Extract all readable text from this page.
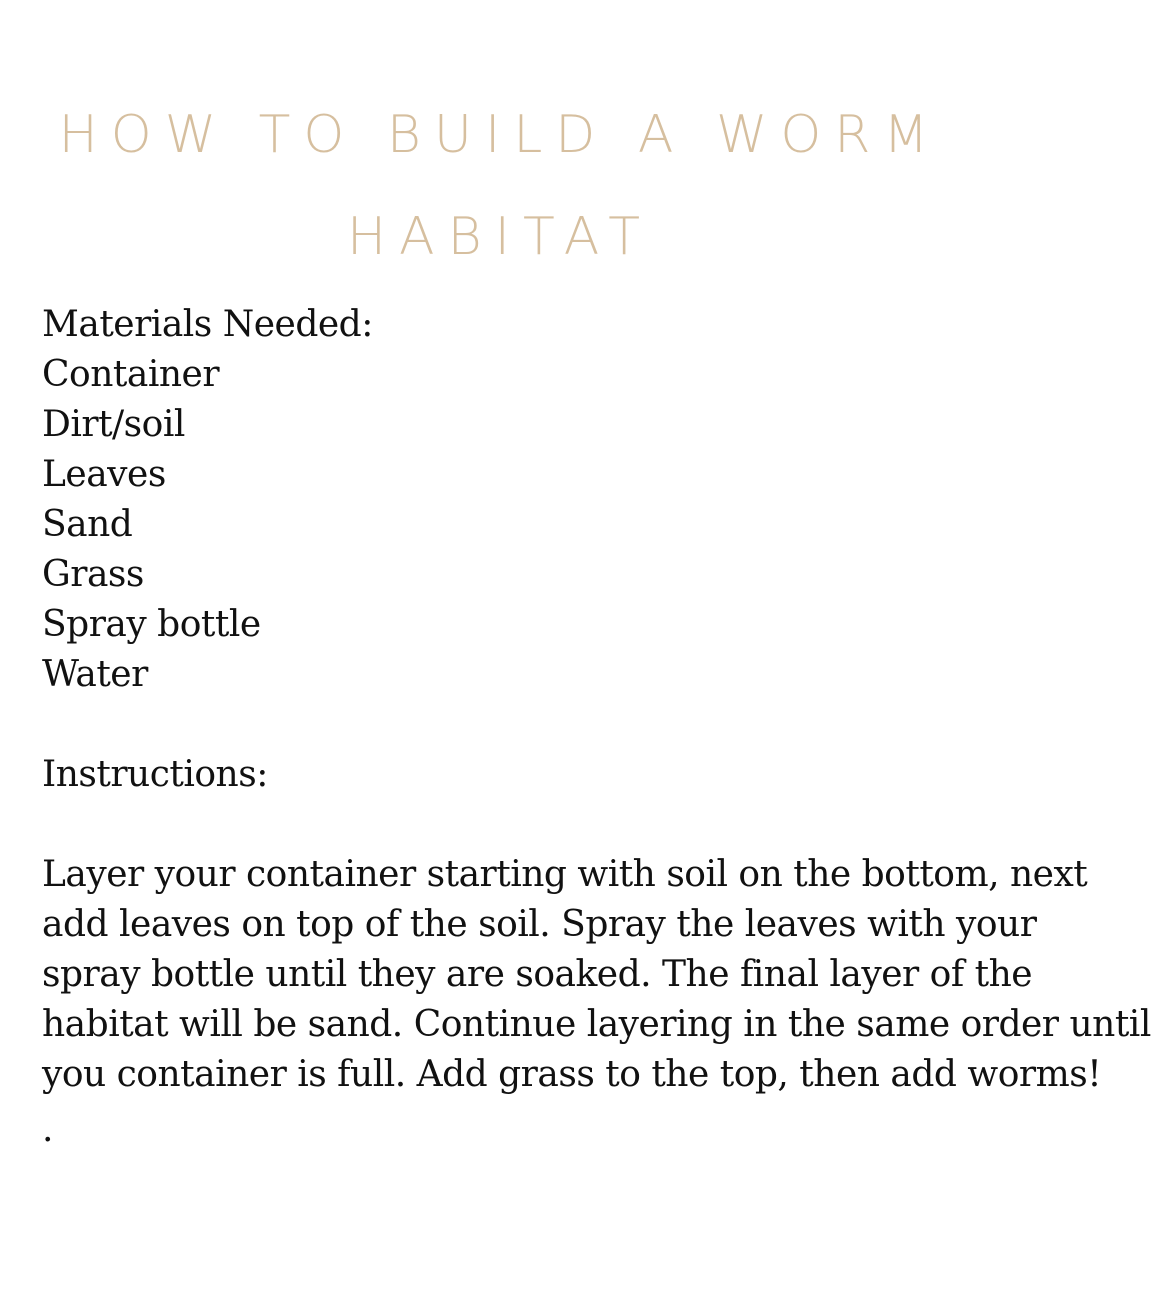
HOW TO BUILD A WORM
HABITAT
Materials Needed:
Container
Dirt/soil
Leaves
Sand
Grass
Spray bottle
Water
Instructions:
Layer your container starting with soil on the bottom, next
add leaves on top of the soil. Spray the leaves with your
spray bottle until they are soaked. The final layer of the
habitat will be sand. Continue layering in the same order until
you container is full. Add grass to the top, then add worms!
.
